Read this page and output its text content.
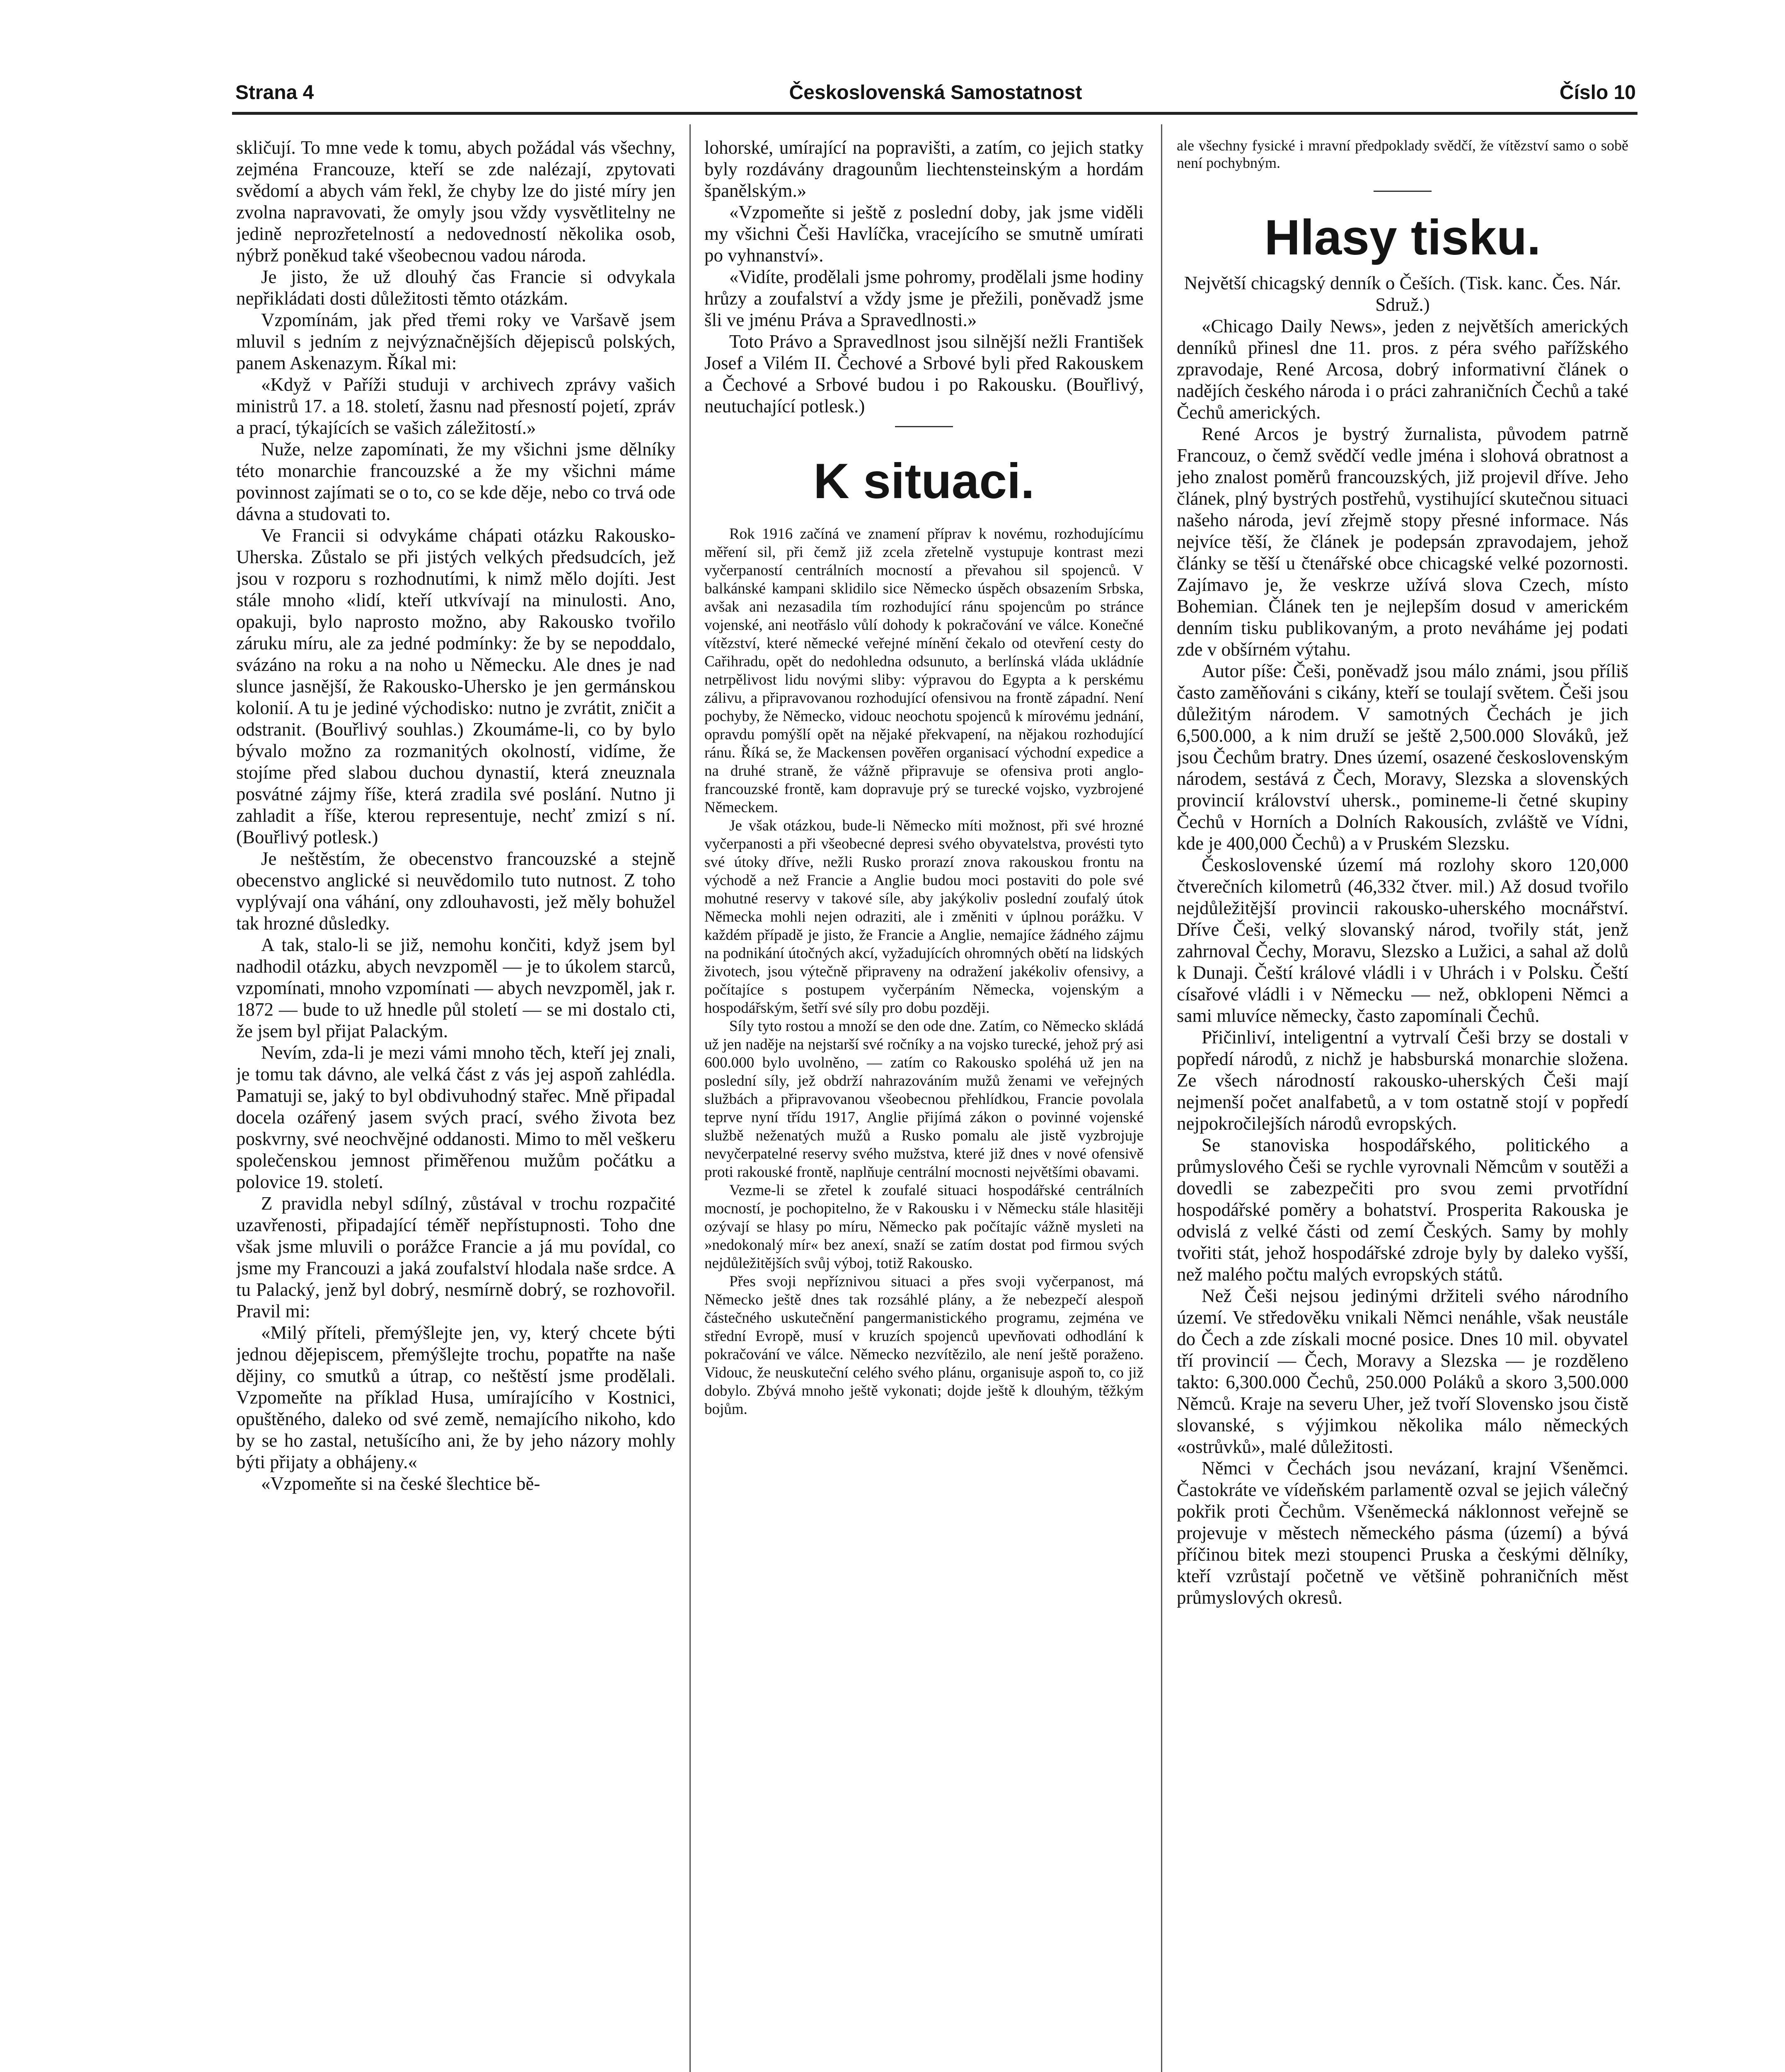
Strana 4	Československá Samostatnost	Číslo 10

skličují. To mne vede k tomu, abych požádal vás všechny, zejména Francouze, kteří se zde nalézají, zpytovati svědomí a abych vám řekl, že chyby lze do jisté míry jen zvolna napravovati, že omyly jsou vždy vysvětlitelny ne jedině neprozřetelností a nedovedností několika osob, nýbrž poněkud také všeobecnou vadou národa.

Je jisto, že už dlouhý čas Francie si odvykala nepřikládati dosti důležitosti těmto otázkám.

Vzpomínám, jak před třemi roky ve Varšavě jsem mluvil s jedním z nejvýznačnějších dějepisců polských, panem Askenazym. Říkal mi:

«Když v Paříži studuji v archivech zprávy vašich ministrů 17. a 18. století, žasnu nad přesností pojetí, zpráv a prací, týkajících se vašich záležitostí.»

Nuže, nelze zapomínati, že my všichni jsme dělníky této monarchie francouzské a že my všichni máme povinnost zajímati se o to, co se kde děje, nebo co trvá ode dávna a studovati to.

Ve Francii si odvykáme chápati otázku Rakousko-Uherska. Zůstalo se při jistých velkých předsudcích, jež jsou v rozporu s rozhodnutími, k nimž mělo dojíti. Jest stále mnoho «lidí, kteří utkvívají na minulosti. Ano, opakuji, bylo naprosto možno, aby Rakousko tvořilo záruku míru, ale za jedné podmínky: že by se nepoddalo, svázáno na roku a na noho u Německu. Ale dnes je nad slunce jasnější, že Rakousko-Uhersko je jen germánskou kolonií. A tu je jediné východisko: nutno je zvrátit, zničit a odstranit. (Bouřlivý souhlas.) Zkoumáme-li, co by bylo bývalo možno za rozmanitých okolností, vidíme, že stojíme před slabou duchou dynastií, která zneuznala posvátné zájmy říše, která zradila své poslání. Nutno ji zahladit a říše, kterou representuje, nechť zmizí s ní. (Bouřlivý potlesk.)

Je neštěstím, že obecenstvo francouzské a stejně obecenstvo anglické si neuvědomilo tuto nutnost. Z toho vyplývají ona váhání, ony zdlouhavosti, jež měly bohužel tak hrozné důsledky.

A tak, stalo-li se již, nemohu končiti, když jsem byl nadhodil otázku, abych nevzpoměl — je to úkolem starců, vzpomínati, mnoho vzpomínati — abych nevzpoměl, jak r. 1872 — bude to už hnedle půl století — se mi dostalo cti, že jsem byl přijat Palackým.

Nevím, zda-li je mezi vámi mnoho těch, kteří jej znali, je tomu tak dávno, ale velká část z vás jej aspoň zahlédla. Pamatuji se, jaký to byl obdivuhodný stařec. Mně připadal docela ozářený jasem svých prací, svého života bez poskvrny, své neochvějné oddanosti. Mimo to měl veškeru společenskou jemnost přiměřenou mužům počátku a polovice 19. století.

Z pravidla nebyl sdílný, zůstával v trochu rozpačité uzavřenosti, připadající téměř nepřístupnosti. Toho dne však jsme mluvili o porážce Francie a já mu povídal, co jsme my Francouzi a jaká zoufalství hlodala naše srdce. A tu Palacký, jenž byl dobrý, nesmírně dobrý, se rozhovořil. Pravil mi:

«Milý příteli, přemýšlejte jen, vy, který chcete býti jednou dějepiscem, přemýšlejte trochu, popatřte na naše dějiny, co smutků a útrap, co neštěstí jsme prodělali. Vzpomeňte na příklad Husa, umírajícího v Kostnici, opuštěného, daleko od své země, nemajícího nikoho, kdo by se ho zastal, netušícího ani, že by jeho názory mohly býti přijaty a obhájeny.«

«Vzpomeňte si na české šlechtice bě-

lohorské, umírající na popravišti, a zatím, co jejich statky byly rozdávány dragounům liechtensteinským a hordám španělským.»

«Vzpomeňte si ještě z poslední doby, jak jsme viděli my všichni Češi Havlíčka, vracejícího se smutně umírati po vyhnanství».

«Vidíte, prodělali jsme pohromy, prodělali jsme hodiny hrůzy a zoufalství a vždy jsme je přežili, poněvadž jsme šli ve jménu Práva a Spravedlnosti.»

Toto Právo a Spravedlnost jsou silnější nežli František Josef a Vilém II. Čechové a Srbové byli před Rakouskem a Čechové a Srbové budou i po Rakousku. (Bouřlivý, neutuchající potlesk.)

K situaci.

Rok 1916 začíná ve znamení příprav k novému, rozhodujícímu měření sil, při čemž již zcela zřetelně vystupuje kontrast mezi vyčerpaností centrálních mocností a převahou sil spojenců. V balkánské kampani sklidilo sice Německo úspěch obsazením Srbska, avšak ani nezasadila tím rozhodující ránu spojencům po stránce vojenské, ani neotřáslo vůlí dohody k pokračování ve válce. Konečné vítězství, které německé veřejné mínění čekalo od otevření cesty do Cařihradu, opět do nedohledna odsunuto, a berlínská vláda ukládníe netrpělivost lidu novými sliby: výpravou do Egypta a k perskému zálivu, a připravovanou rozhodující ofensivou na frontě západní. Není pochyby, že Německo, vidouc neochotu spojenců k mírovému jednání, opravdu pomýšlí opět na nějaké překvapení, na nějakou rozhodující ránu. Říká se, že Mackensen pověřen organisací východní expedice a na druhé straně, že vážně připravuje se ofensiva proti anglo-francouzské frontě, kam dopravuje prý se turecké vojsko, vyzbrojené Německem.

Je však otázkou, bude-li Německo míti možnost, při své hrozné vyčerpanosti a při všeobecné depresi svého obyvatelstva, provésti tyto své útoky dříve, nežli Rusko prorazí znova rakouskou frontu na východě a než Francie a Anglie budou moci postaviti do pole své mohutné reservy v takové síle, aby jakýkoliv poslední zoufalý útok Německa mohli nejen odraziti, ale i změniti v úplnou porážku. V každém případě je jisto, že Francie a Anglie, nemajíce žádného zájmu na podnikání útočných akcí, vyžadujících ohromných obětí na lidských životech, jsou výtečně připraveny na odražení jakékoliv ofensivy, a počítajíce s postupem vyčerpáním Německa, vojenským a hospodářským, šetří své síly pro dobu později.

Síly tyto rostou a množí se den ode dne. Zatím, co Německo skládá už jen naděje na nejstarší své ročníky a na vojsko turecké, jehož prý asi 600.000 bylo uvolněno, — zatím co Rakousko spoléhá už jen na poslední síly, jež obdrží nahrazováním mužů ženami ve veřejných službách a připravovanou všeobecnou přehlídkou, Francie povolala teprve nyní třídu 1917, Anglie přijímá zákon o povinné vojenské službě neženatých mužů a Rusko pomalu ale jistě vyzbrojuje nevyčerpatelné reservy svého mužstva, které již dnes v nové ofensivě proti rakouské frontě, naplňuje centrální mocnosti největšími obavami.

Vezme-li se zřetel k zoufalé situaci hospodářské centrálních mocností, je pochopitelno, že v Rakousku i v Německu stále hlasitěji ozývají se hlasy po míru, Německo pak počítajíc vážně mysleti na »nedokonalý mír« bez anexí, snaží se zatím dostat pod firmou svých nejdůležitějších svůj výboj, totiž Rakousko.

Přes svoji nepříznivou situaci a přes svoji vyčerpanost, má Německo ještě dnes tak rozsáhlé plány, a že nebezpečí alespoň částečného uskutečnění pangermanistického programu, zejména ve střední Evropě, musí v kruzích spojenců upevňovati odhodlání k pokračování ve válce. Německo nezvítězilo, ale není ještě poraženo. Vidouc, že neuskuteční celého svého plánu, organisuje aspoň to, co již dobylo. Zbývá mnoho ještě vykonati; dojde ještě k dlouhým, těžkým bojům.

ale všechny fysické i mravní předpoklady svědčí, že vítězství samo o sobě není pochybným.

Hlasy tisku.

Největší chicagský denník o Češích. (Tisk. kanc. Čes. Nár. Sdruž.)

«Chicago Daily News», jeden z největších amerických denníků přinesl dne 11. pros. z péra svého pařížského zpravodaje, René Arcosa, dobrý informativní článek o nadějích českého národa i o práci zahraničních Čechů a také Čechů amerických.

René Arcos je bystrý žurnalista, původem patrně Francouz, o čemž svědčí vedle jména i slohová obratnost a jeho znalost poměrů francouzských, již projevil dříve. Jeho článek, plný bystrých postřehů, vystihující skutečnou situaci našeho národa, jeví zřejmě stopy přesné informace. Nás nejvíce těší, že článek je podepsán zpravodajem, jehož články se těší u čtenářské obce chicagské velké pozornosti. Zajímavo je, že veskrze užívá slova Czech, místo Bohemian. Článek ten je nejlepším dosud v americkém denním tisku publikovaným, a proto neváháme jej podati zde v obšírném výtahu.

Autor píše: Češi, poněvadž jsou málo známi, jsou příliš často zaměňováni s cikány, kteří se toulají světem. Češi jsou důležitým národem. V samotných Čechách je jich 6,500.000, a k nim druží se ještě 2,500.000 Slováků, jež jsou Čechům bratry. Dnes území, osazené československým národem, sestává z Čech, Moravy, Slezska a slovenských provincií království uhersk., pomineme-li četné skupiny Čechů v Horních a Dolních Rakousích, zvláště ve Vídni, kde je 400,000 Čechů) a v Pruském Slezsku.

Československé území má rozlohy skoro 120,000 čtverečních kilometrů (46,332 čtver. mil.) Až dosud tvořilo nejdůležitější provincii rakousko-uherského mocnářství. Dříve Češi, velký slovanský národ, tvořily stát, jenž zahrnoval Čechy, Moravu, Slezsko a Lužici, a sahal až dolů k Dunaji. Čeští králové vládli i v Uhrách i v Polsku. Čeští císařové vládli i v Německu — než, obklopeni Němci a sami mluvíce německy, často zapomínali Čechů.

Přičinliví, inteligentní a vytrvalí Češi brzy se dostali v popředí národů, z nichž je habsburská monarchie složena. Ze všech národností rakousko-uherských Češi mají nejmenší počet analfabetů, a v tom ostatně stojí v popředí nejpokročilejších národů evropských.

Se stanoviska hospodářského, politického a průmyslového Češi se rychle vyrovnali Němcům v soutěži a dovedli se zabezpečiti pro svou zemi prvotřídní hospodářské poměry a bohatství. Prosperita Rakouska je odvislá z velké části od zemí Českých. Samy by mohly tvořiti stát, jehož hospodářské zdroje byly by daleko vyšší, než malého počtu malých evropských států.

Než Češi nejsou jedinými držiteli svého národního území. Ve středověku vnikali Němci nenáhle, však neustále do Čech a zde získali mocné posice. Dnes 10 mil. obyvatel tří provincií — Čech, Moravy a Slezska — je rozděleno takto: 6,300.000 Čechů, 250.000 Poláků a skoro 3,500.000 Němců. Kraje na severu Uher, jež tvoří Slovensko jsou čistě slovanské, s výjimkou několika málo německých «ostrůvků», malé důležitosti.

Němci v Čechách jsou nevázaní, krajní Všeněmci. Častokráte ve vídeňském parlamentě ozval se jejich válečný pokřik proti Čechům. Všeněmecká náklonnost veřejně se projevuje v městech německého pásma (území) a bývá příčinou bitek mezi stoupenci Pruska a českými dělníky, kteří vzrůstají početně ve většině pohraničních měst průmyslových okresů.
